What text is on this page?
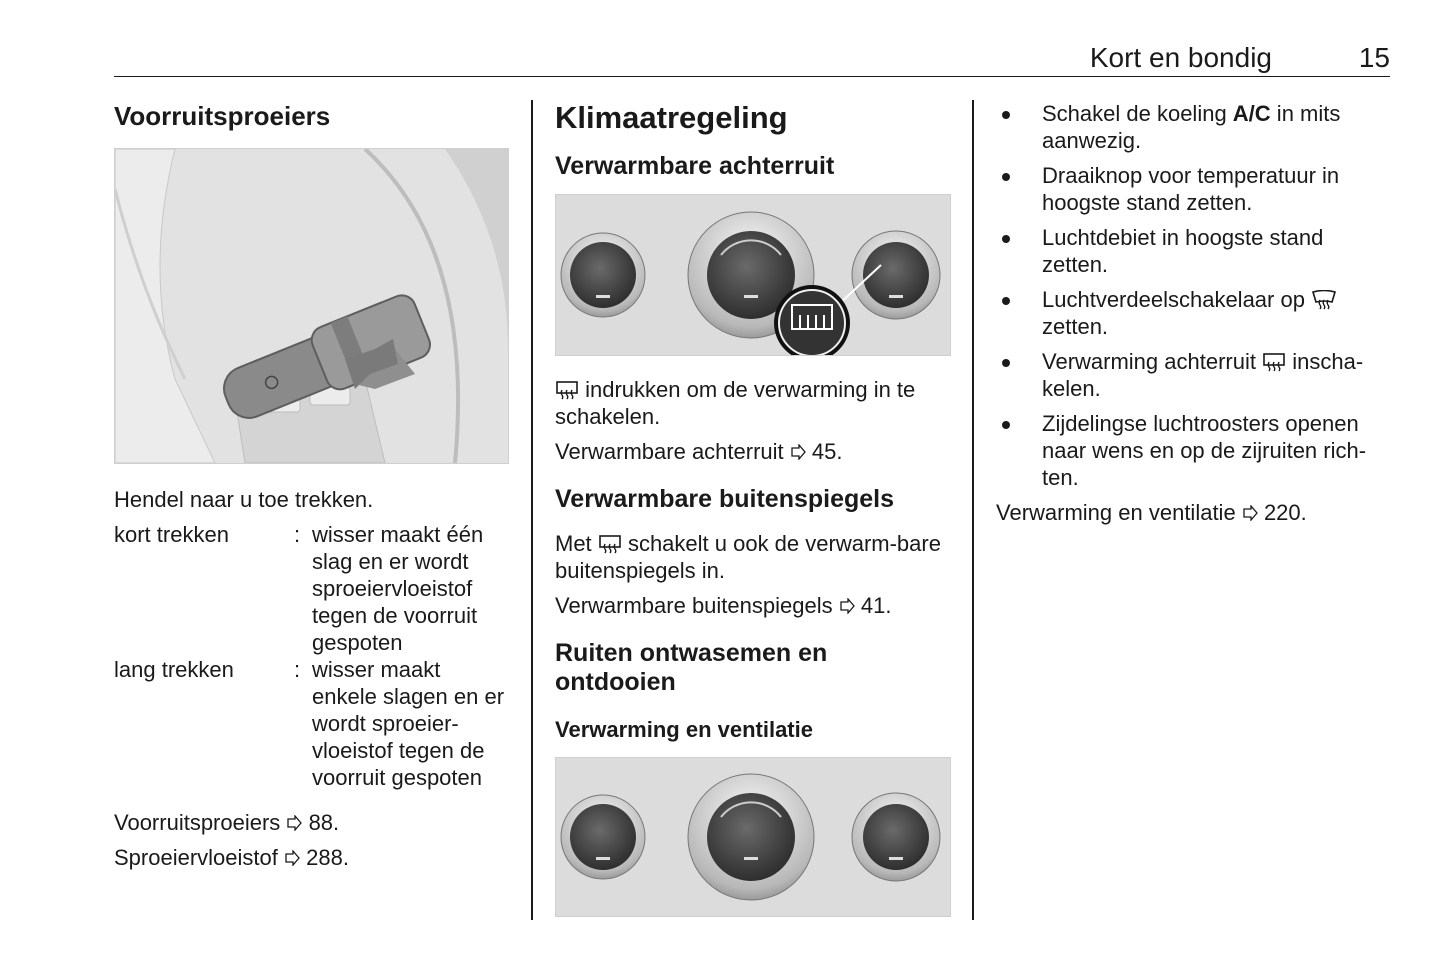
Kort en bondig	15
Voorruitsproeiers

Hendel naar u toe trekken.

kort trekken	: wisser maakt één slag en er wordt sproeiervloeistof tegen de voorruit gespoten
lang trekken	: wisser maakt enkele slagen en er wordt sproeier-vloeistof tegen de voorruit gespoten

Voorruitsproeiers 88.

Sproeiervloeistof 288.

Klimaatregeling
Verwarmbare achterruit

indrukken om de verwarming in te schakelen.

Verwarmbare achterruit 45.

Verwarmbare buitenspiegels

Met schakelt u ook de verwarm-bare buitenspiegels in.

Verwarmbare buitenspiegels 41.

Ruiten ontwasemen en ontdooien
Verwarming en ventilatie
Schakel de koeling A/C in mits aanwezig.
Draaiknop voor temperatuur in hoogste stand zetten.
Luchtdebiet in hoogste stand zetten.
Luchtverdeelschakelaar op  zetten.
Verwarming achterruit inscha-kelen.
Zijdelingse luchtroosters openen naar wens en op de zijruiten rich-ten.

Verwarming en ventilatie 220.
